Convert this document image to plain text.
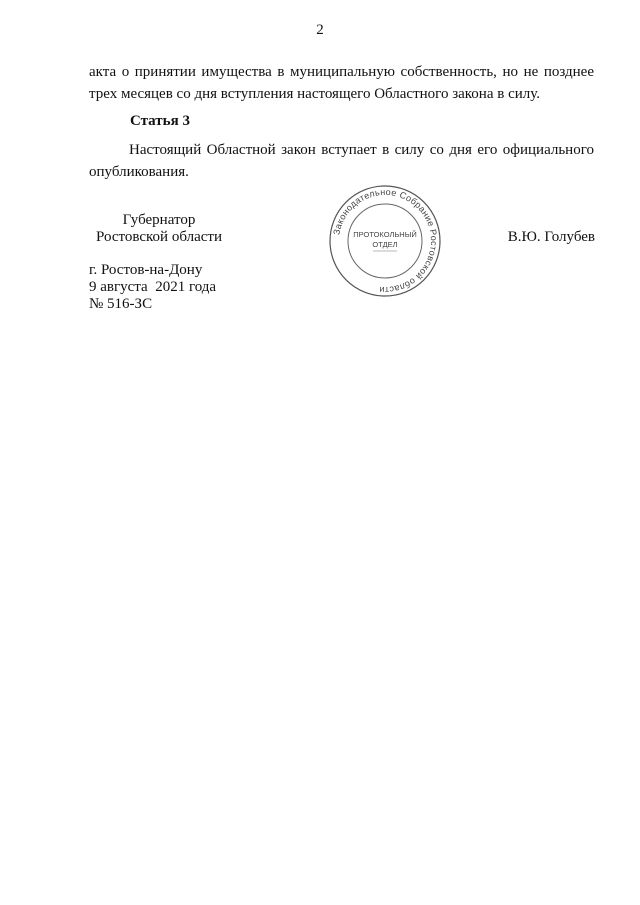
2

акта о принятии имущества в муниципальную собственность, но не позднее трех месяцев со дня вступления настоящего Областного закона в силу.

Статья 3

Настоящий Областной закон вступает в силу со дня его официального опубликования.

Губернатор
Ростовской области	В.Ю. Голубев
г. Ростов-на-Дону
9 августа  2021 года
№ 516-ЗС
Законодательное Собрание Ростовской области
ПРОТОКОЛЬНЫЙ
ОТДЕЛ
